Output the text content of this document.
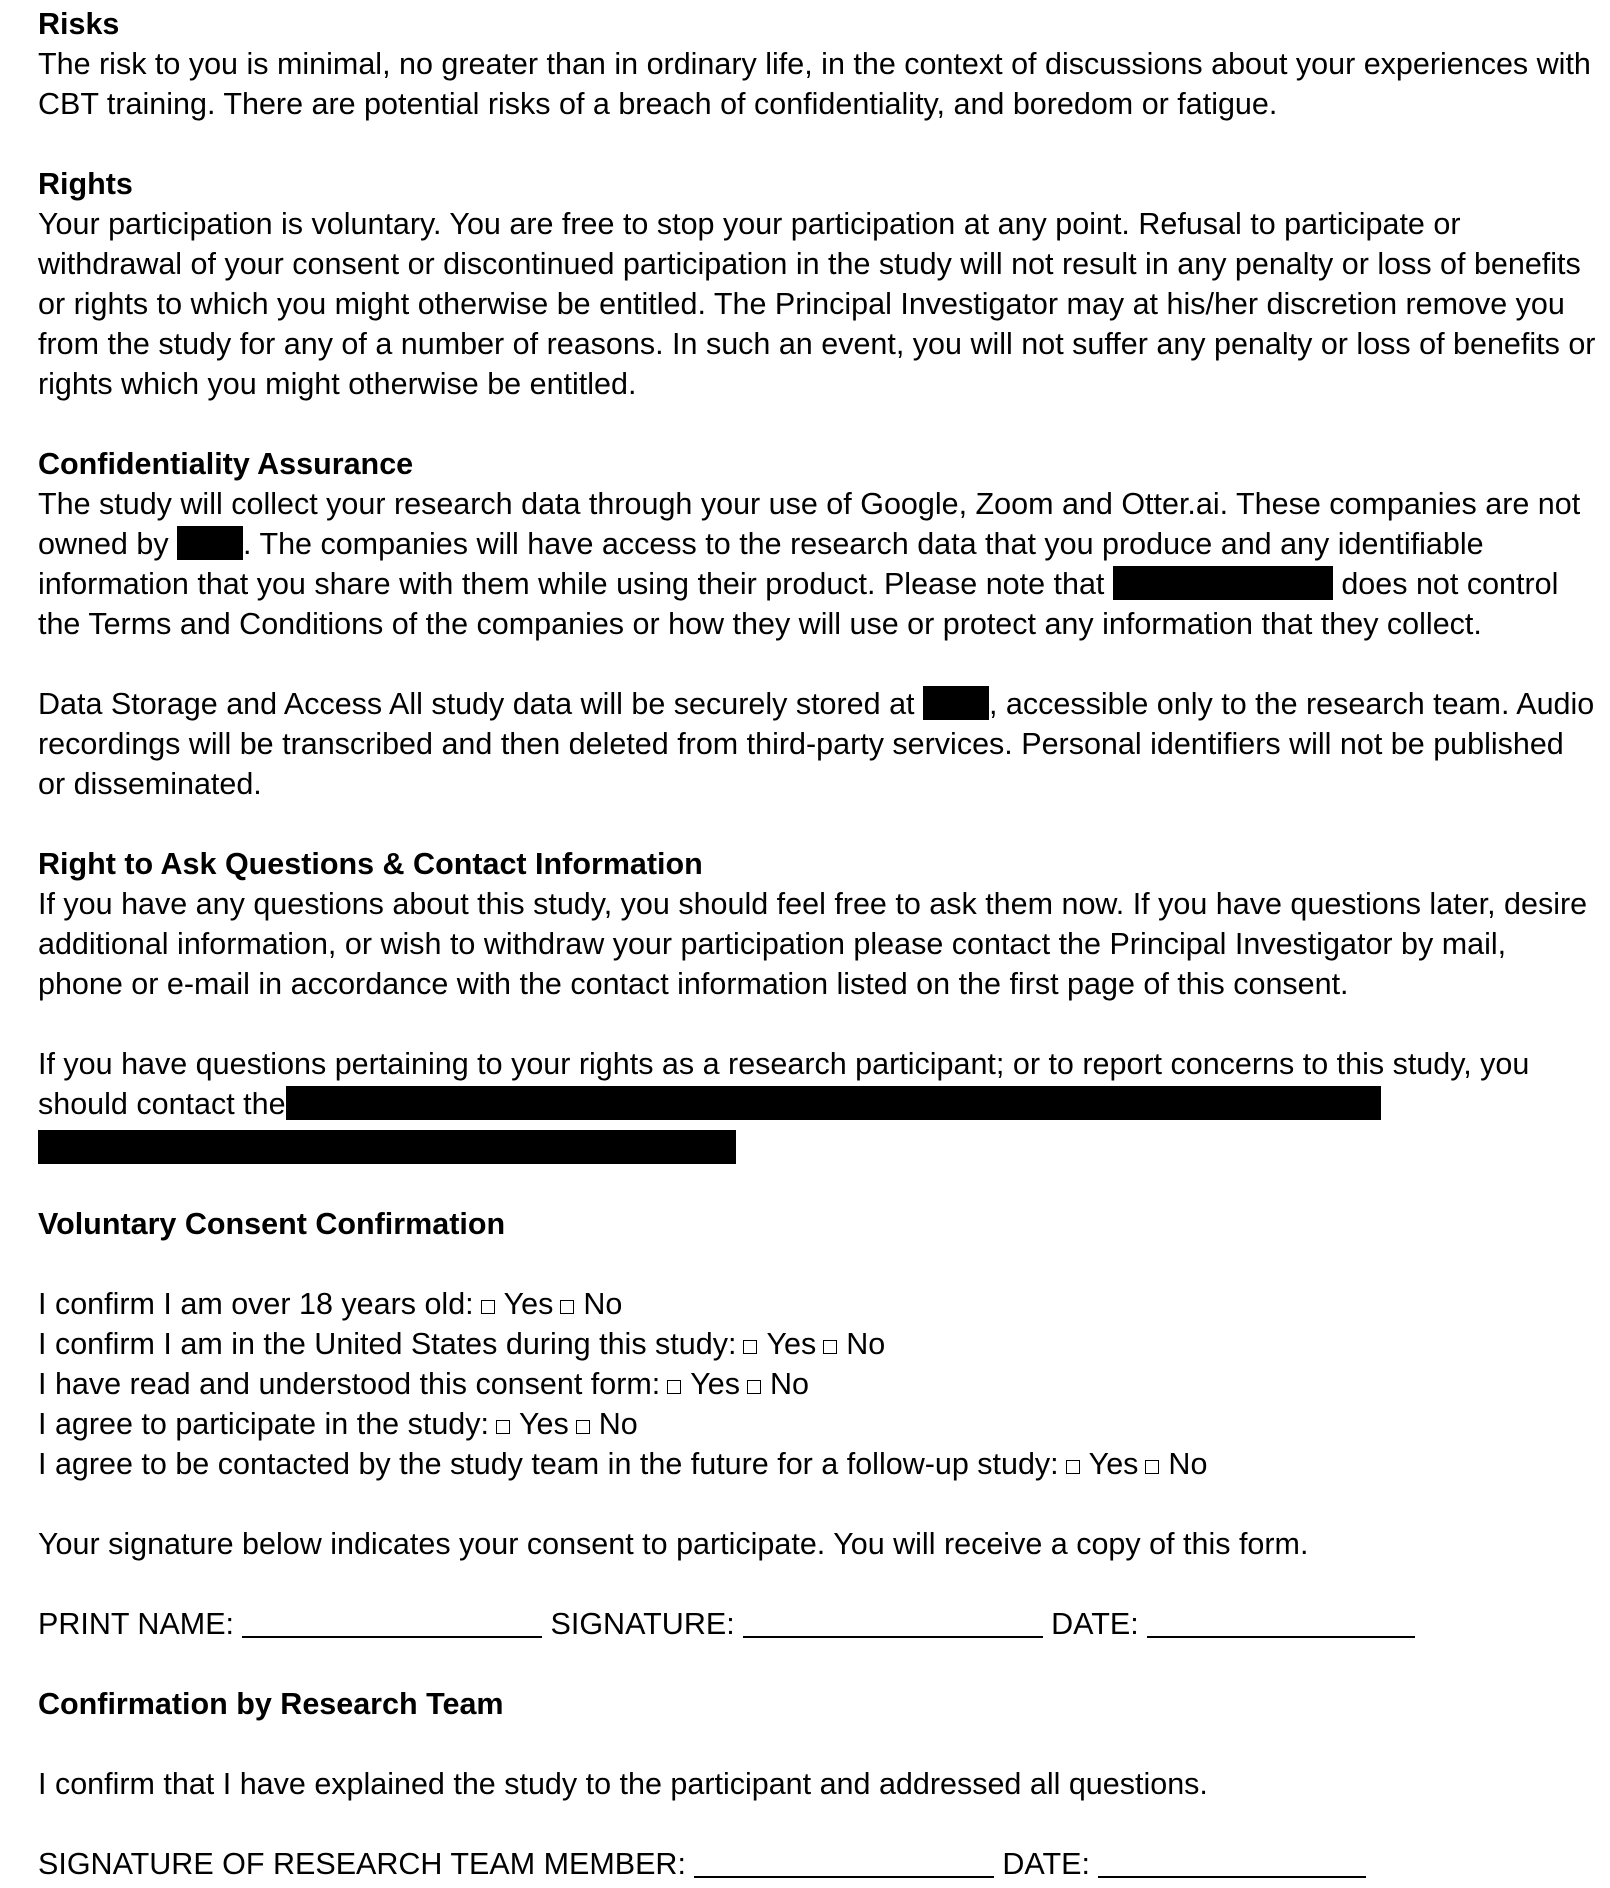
Risks

The risk to you is minimal, no greater than in ordinary life, in the context of discussions about your experiences with CBT training. There are potential risks of a breach of confidentiality, and boredom or fatigue.

Rights

Your participation is voluntary. You are free to stop your participation at any point. Refusal to participate or withdrawal of your consent or discontinued participation in the study will not result in any penalty or loss of benefits or rights to which you might otherwise be entitled. The Principal Investigator may at his/her discretion remove you from the study for any of a number of reasons. In such an event, you will not suffer any penalty or loss of benefits or rights which you might otherwise be entitled.

Confidentiality Assurance

The study will collect your research data through your use of Google, Zoom and Otter.ai. These companies are not owned by . The companies will have access to the research data that you produce and any identifiable information that you share with them while using their product. Please note that	does not control the Terms and Conditions of the companies or how they will use or protect any information that they collect.

Data Storage and Access All study data will be securely stored at , accessible only to the research team. Audio recordings will be transcribed and then deleted from third-party services. Personal identifiers will not be published or disseminated.

Right to Ask Questions & Contact Information

If you have any questions about this study, you should feel free to ask them now. If you have questions later, desire additional information, or wish to withdraw your participation please contact the Principal Investigator by mail, phone or e-mail in accordance with the contact information listed on the first page of this consent.

If you have questions pertaining to your rights as a research participant; or to report concerns to this study, you should contact the

Voluntary Consent Confirmation

I confirm I am over 18 years old: Yes No

I confirm I am in the United States during this study: Yes No

I have read and understood this consent form: Yes No

I agree to participate in the study: Yes No

I agree to be contacted by the study team in the future for a follow-up study: Yes No

Your signature below indicates your consent to participate. You will receive a copy of this form.

PRINT NAME:	SIGNATURE:	DATE:

Confirmation by Research Team

I confirm that I have explained the study to the participant and addressed all questions.

SIGNATURE OF RESEARCH TEAM MEMBER:	DATE:
